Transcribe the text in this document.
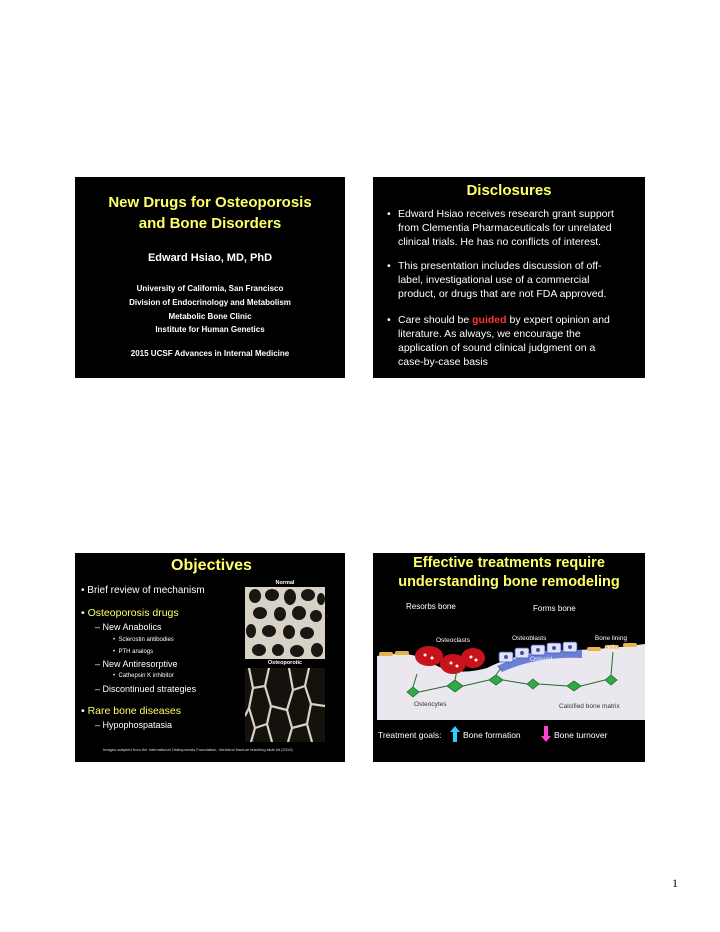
New Drugs for Osteoporosis
and Bone Disorders
Edward Hsiao, MD, PhD
University of California, San Francisco
Division of Endocrinology and Metabolism
Metabolic Bone Clinic
Institute for Human Genetics
2015 UCSF Advances in Internal Medicine
Disclosures
• Edward Hsiao receives research grant support
from Clementia Pharmaceuticals for unrelated
clinical trials. He has no conflicts of interest.
• This presentation includes discussion of off-
label, investigational use of a commercial
product, or drugs that are not FDA approved.
• Care should be guided by expert opinion and
literature. As always, we encourage the
application of sound clinical judgment on a
case-by-case basis
Objectives
• Brief review of mechanism
• Osteoporosis drugs
– New Anabolics
•  Sclerostin antibodies
•  PTH analogs
– New Antiresorptive
•  Cathepsin K inhibitor
– Discontinued strategies
• Rare bone diseases
– Hypophospatasia
Normal
Osteoporotic
Images adapted from the International Osteoporosis Foundation, Vertebral fracture teaching slide kit (2010)
Effective treatments require
understanding bone remodeling
Resorbs bone	Forms bone
Osteoclasts	Osteoblasts	Bone lining
cells
Osteoid
Osteocytes	Calcified bone matrix
Treatment goals:	Bone formation	Bone turnover
1
